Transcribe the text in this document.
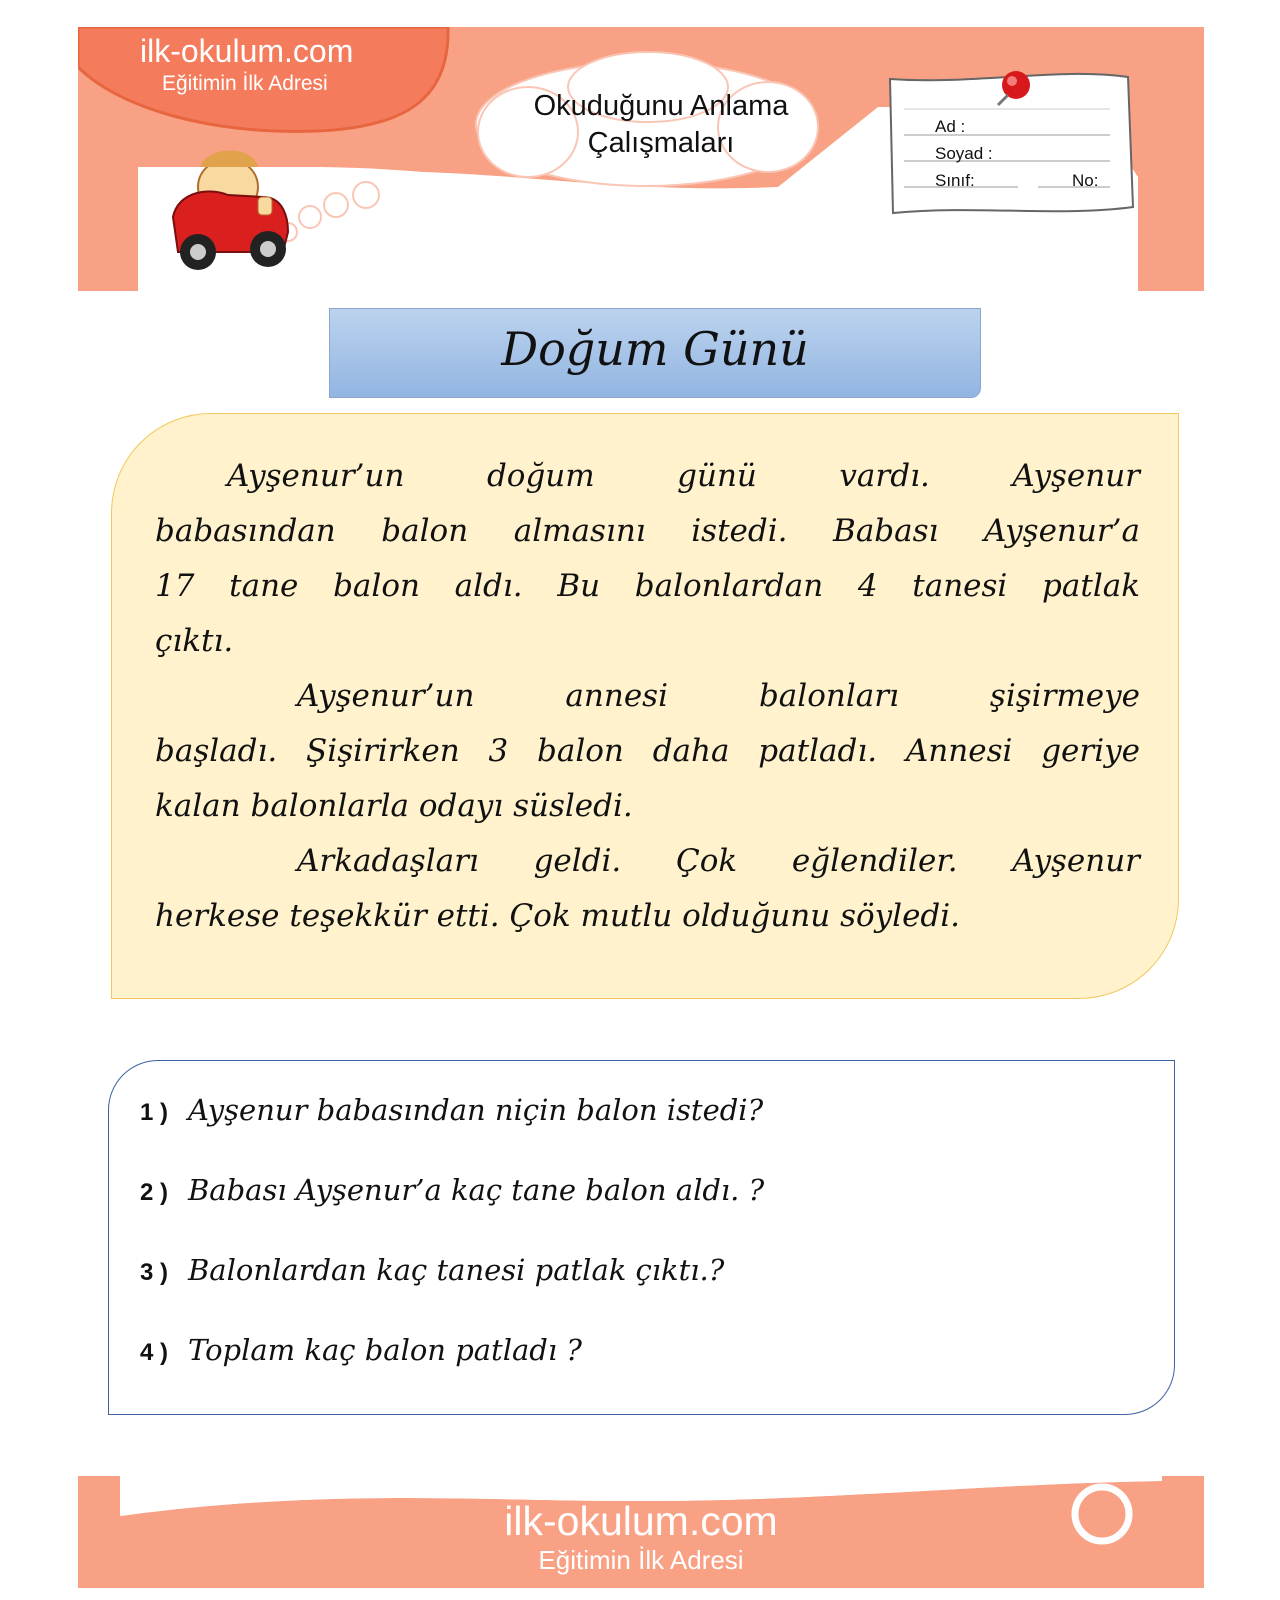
ilk-okulum.com
Eğitimin İlk Adresi
Okuduğunu Anlama
Çalışmaları
Ad :
Soyad :
Sınıf:	No:
Doğum Günü
Ayşenur’un doğum günü vardı. Ayşenur
babasından balon almasını istedi. Babası Ayşenur’a
17 tane balon aldı. Bu balonlardan 4 tanesi patlak
çıktı.
Ayşenur’un annesi balonları şişirmeye
başladı. Şişirirken 3 balon daha patladı. Annesi geriye
kalan balonlarla odayı süsledi.
Arkadaşları geldi. Çok eğlendiler. Ayşenur
herkese teşekkür etti. Çok mutlu olduğunu söyledi.
1 ) Ayşenur babasından niçin balon istedi?
2 ) Babası Ayşenur’a kaç tane balon aldı. ?
3 ) Balonlardan kaç tanesi patlak çıktı.?
4 ) Toplam kaç balon patladı ?
ilk-okulum.com
Eğitimin İlk Adresi
